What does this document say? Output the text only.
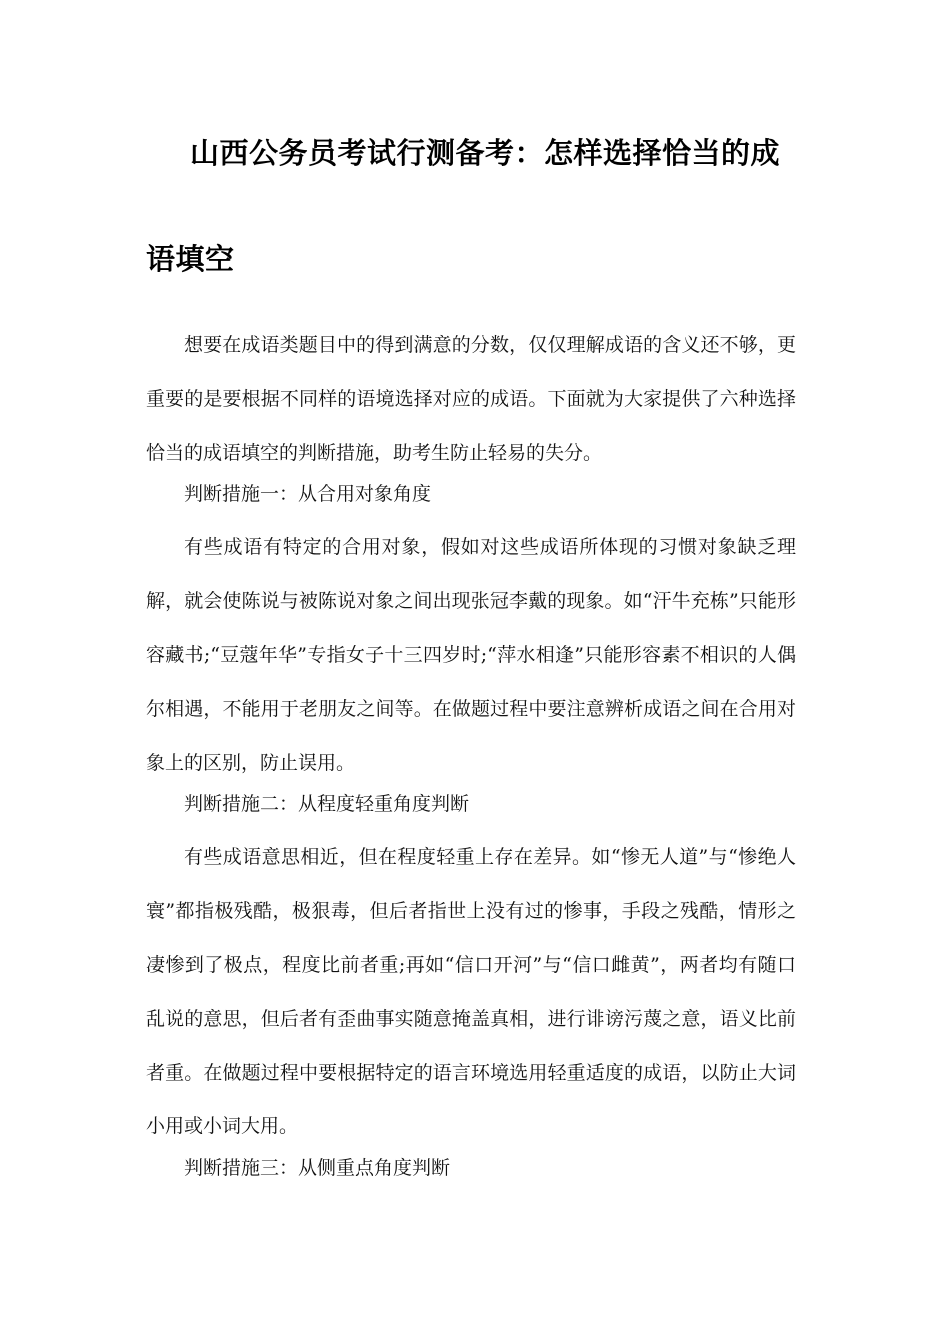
山西公务员考试行测备考：怎样选择恰当的成
语填空

想要在成语类题目中的得到满意的分数，仅仅理解成语的含义还不够，更重要的是要根据不同样的语境选择对应的成语。下面就为大家提供了六种选择恰当的成语填空的判断措施，助考生防止轻易的失分。

判断措施一：从合用对象角度

有些成语有特定的合用对象，假如对这些成语所体现的习惯对象缺乏理解，就会使陈说与被陈说对象之间出现张冠李戴的现象。如“汗牛充栋”只能形容藏书;“豆蔻年华”专指女子十三四岁时;“萍水相逢”只能形容素不相识的人偶尔相遇，不能用于老朋友之间等。在做题过程中要注意辨析成语之间在合用对象上的区别，防止误用。

判断措施二：从程度轻重角度判断

有些成语意思相近，但在程度轻重上存在差异。如“惨无人道”与“惨绝人寰”都指极残酷，极狠毒，但后者指世上没有过的惨事，手段之残酷，情形之凄惨到了极点，程度比前者重;再如“信口开河”与“信口雌黄”，两者均有随口乱说的意思，但后者有歪曲事实随意掩盖真相，进行诽谤污蔑之意，语义比前者重。在做题过程中要根据特定的语言环境选用轻重适度的成语，以防止大词小用或小词大用。

判断措施三：从侧重点角度判断
